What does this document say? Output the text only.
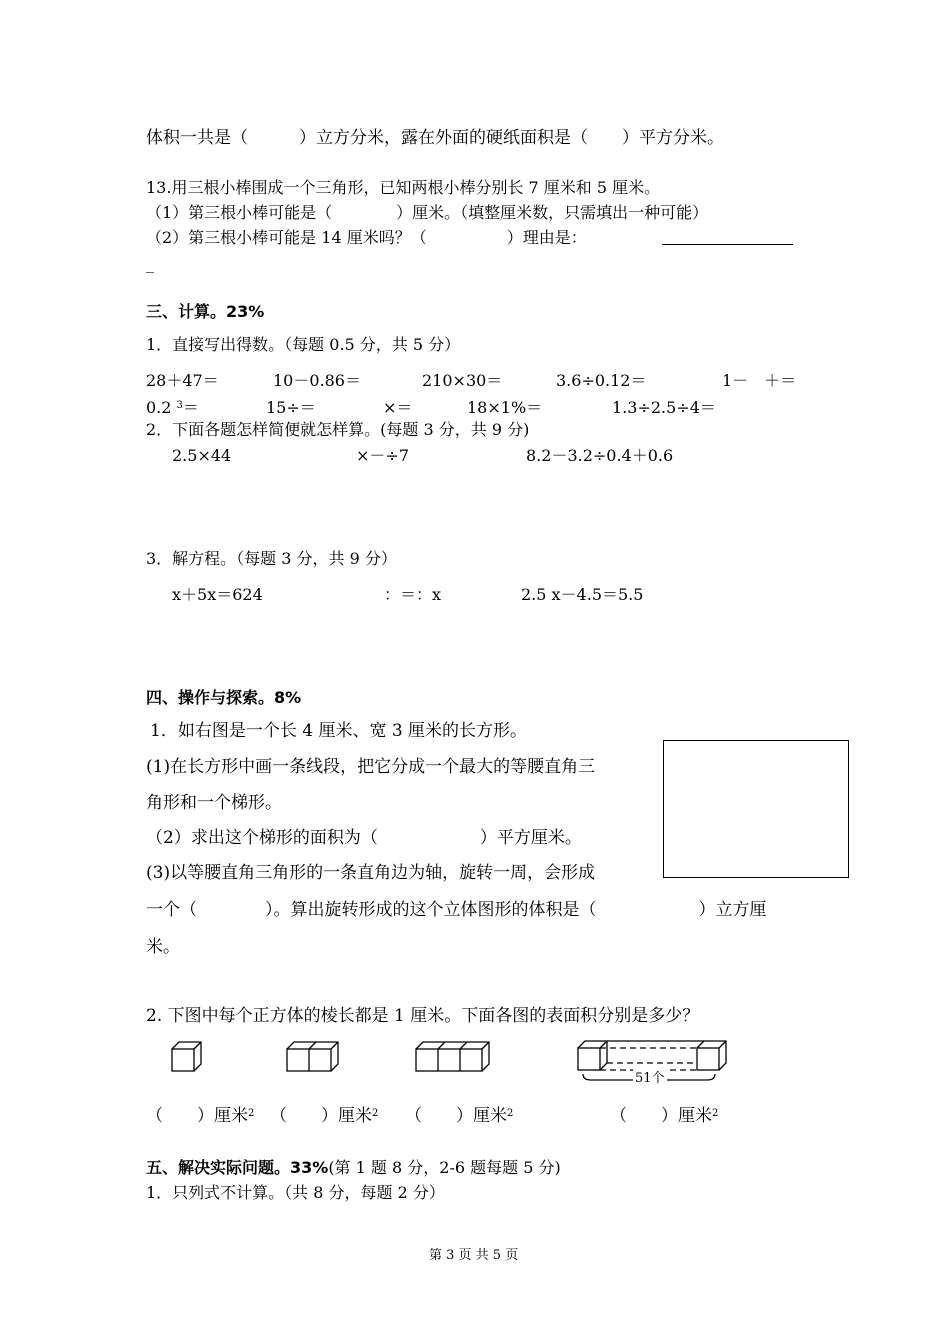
体积一共是（　　　）立方分米，露在外面的硬纸面积是（　　）平方分米。
13.用三根小棒围成一个三角形，已知两根小棒分别长 7 厘米和 5 厘米。
（1）第三根小棒可能是（　　　　）厘米。（填整厘米数，只需填出一种可能）
（2）第三根小棒可能是 14 厘米吗？（　　　　　）理由是：
_
三、计算。23%
1．直接写出得数。（每题 0.5 分，共 5 分）
28＋47＝	10－0.86＝	210×30＝	3.6÷0.12＝	1－　＋＝
0.2 $^3$＝	15÷＝	×＝	18×1%＝	1.3÷2.5÷4＝
2．下面各题怎样简便就怎样算。(每题 3 分，共 9 分)
2.5×44	×－÷7	8.2－3.2÷0.4＋0.6
3．解方程。（每题 3 分，共 9 分）
x＋5x＝624	：＝：x	2.5 x－4.5＝5.5
四、操作与探索。8%
1．如右图是一个长 4 厘米、宽 3 厘米的长方形。
(1)在长方形中画一条线段，把它分成一个最大的等腰直角三
角形和一个梯形。
（2）求出这个梯形的面积为（　　　　　　）平方厘米。
(3)以等腰直角三角形的一条直角边为轴，旋转一周，会形成
一个（　　　　）。算出旋转形成的这个立体图形的体积是（　　　　　　）立方厘
米。
2. 下图中每个正方体的棱长都是 1 厘米。下面各图的表面积分别是多少？
51个
（　　）厘米$^2$ （　　）厘米$^2$ （　　）厘米$^2$	（　　）厘米$^2$
五、解决实际问题。33%(第 1 题 8 分，2-6 题每题 5 分)
1．只列式不计算。（共 8 分，每题 2 分）
第 3 页 共 5 页
